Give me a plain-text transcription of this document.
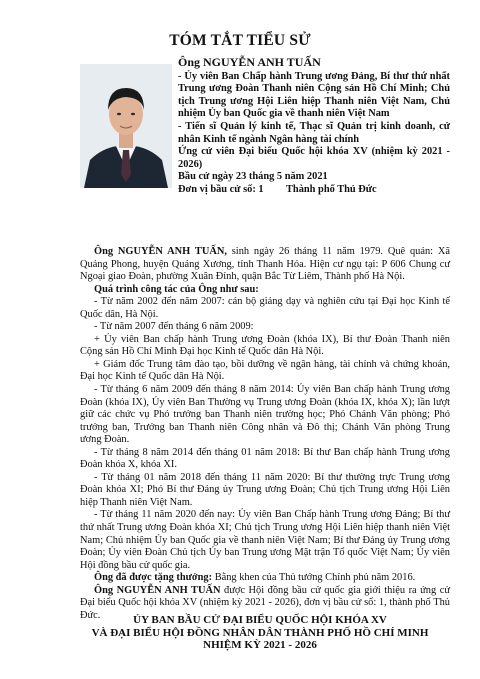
TÓM TẮT TIỂU SỬ
Ông NGUYỄN ANH TUẤN

- Ủy viên Ban Chấp hành Trung ương Đảng, Bí thư thứ nhất Trung ương Đoàn Thanh niên Cộng sản Hồ Chí Minh; Chủ tịch Trung ương Hội Liên hiệp Thanh niên Việt Nam, Chủ nhiệm Ủy ban Quốc gia về thanh niên Việt Nam

- Tiến sĩ Quản lý kinh tế, Thạc sĩ Quản trị kinh doanh, cử nhân Kinh tế ngành Ngân hàng tài chính

Ứng cử viên Đại biểu Quốc hội khóa XV (nhiệm kỳ 2021 - 2026)

Bầu cử ngày 23 tháng 5 năm 2021

Đơn vị bầu cử số: 1	Thành phố Thủ Đức

Ông NGUYỄN ANH TUẤN, sinh ngày 26 tháng 11 năm 1979. Quê quán: Xã Quảng Phong, huyện Quảng Xương, tỉnh Thanh Hóa. Hiện cư ngụ tại: P 606 Chung cư Ngoại giao Đoàn, phường Xuân Đỉnh, quận Bắc Từ Liêm, Thành phố Hà Nội.

Quá trình công tác của Ông như sau:

- Từ năm 2002 đến năm 2007: cán bộ giảng dạy và nghiên cứu tại Đại học Kinh tế Quốc dân, Hà Nội.

- Từ năm 2007 đến tháng 6 năm 2009:

+ Ủy viên Ban chấp hành Trung ương Đoàn (khóa IX), Bí thư Đoàn Thanh niên Cộng sản Hồ Chí Minh Đại học Kinh tế Quốc dân Hà Nội.

+ Giám đốc Trung tâm đào tạo, bồi dưỡng về ngân hàng, tài chính và chứng khoán, Đại học Kinh tế Quốc dân Hà Nội.

- Từ tháng 6 năm 2009 đến tháng 8 năm 2014: Ủy viên Ban chấp hành Trung ương Đoàn (khóa IX), Ủy viên Ban Thường vụ Trung ương Đoàn (khóa IX, khóa X); lần lượt giữ các chức vụ Phó trưởng ban Thanh niên trường học; Phó Chánh Văn phòng; Phó trưởng ban, Trưởng ban Thanh niên Công nhân và Đô thị; Chánh Văn phòng Trung ương Đoàn.

- Từ tháng 8 năm 2014 đến tháng 01 năm 2018: Bí thư Ban chấp hành Trung ương Đoàn khóa X, khóa XI.

- Từ tháng 01 năm 2018 đến tháng 11 năm 2020: Bí thư thường trực Trung ương Đoàn khóa XI; Phó Bí thư Đảng ủy Trung ương Đoàn; Chủ tịch Trung ương Hội Liên hiệp Thanh niên Việt Nam.

- Từ tháng 11 năm 2020 đến nay: Ủy viên Ban Chấp hành Trung ương Đảng; Bí thư thứ nhất Trung ương Đoàn khóa XI; Chủ tịch Trung ương Hội Liên hiệp thanh niên Việt Nam; Chủ nhiệm Ủy ban Quốc gia về thanh niên Việt Nam; Bí thư Đảng ủy Trung ương Đoàn; Ủy viên Đoàn Chủ tịch Ủy ban Trung ương Mặt trận Tổ quốc Việt Nam; Ủy viên Hội đồng bầu cử quốc gia.

Ông đã được tặng thưởng: Bằng khen của Thủ tướng Chính phủ năm 2016.

Ông NGUYỄN ANH TUẤN được Hội đồng bầu cử quốc gia giới thiệu ra ứng cử Đại biểu Quốc hội khóa XV (nhiệm kỳ 2021 - 2026), đơn vị bầu cử số: 1, thành phố Thủ Đức.	ỦY BAN BẦU CỬ ĐẠI BIỂU QUỐC HỘI KHÓA XV
VÀ ĐẠI BIỂU HỘI ĐỒNG NHÂN DÂN THÀNH PHỐ HỒ CHÍ MINH
NHIỆM KỲ 2021 - 2026
